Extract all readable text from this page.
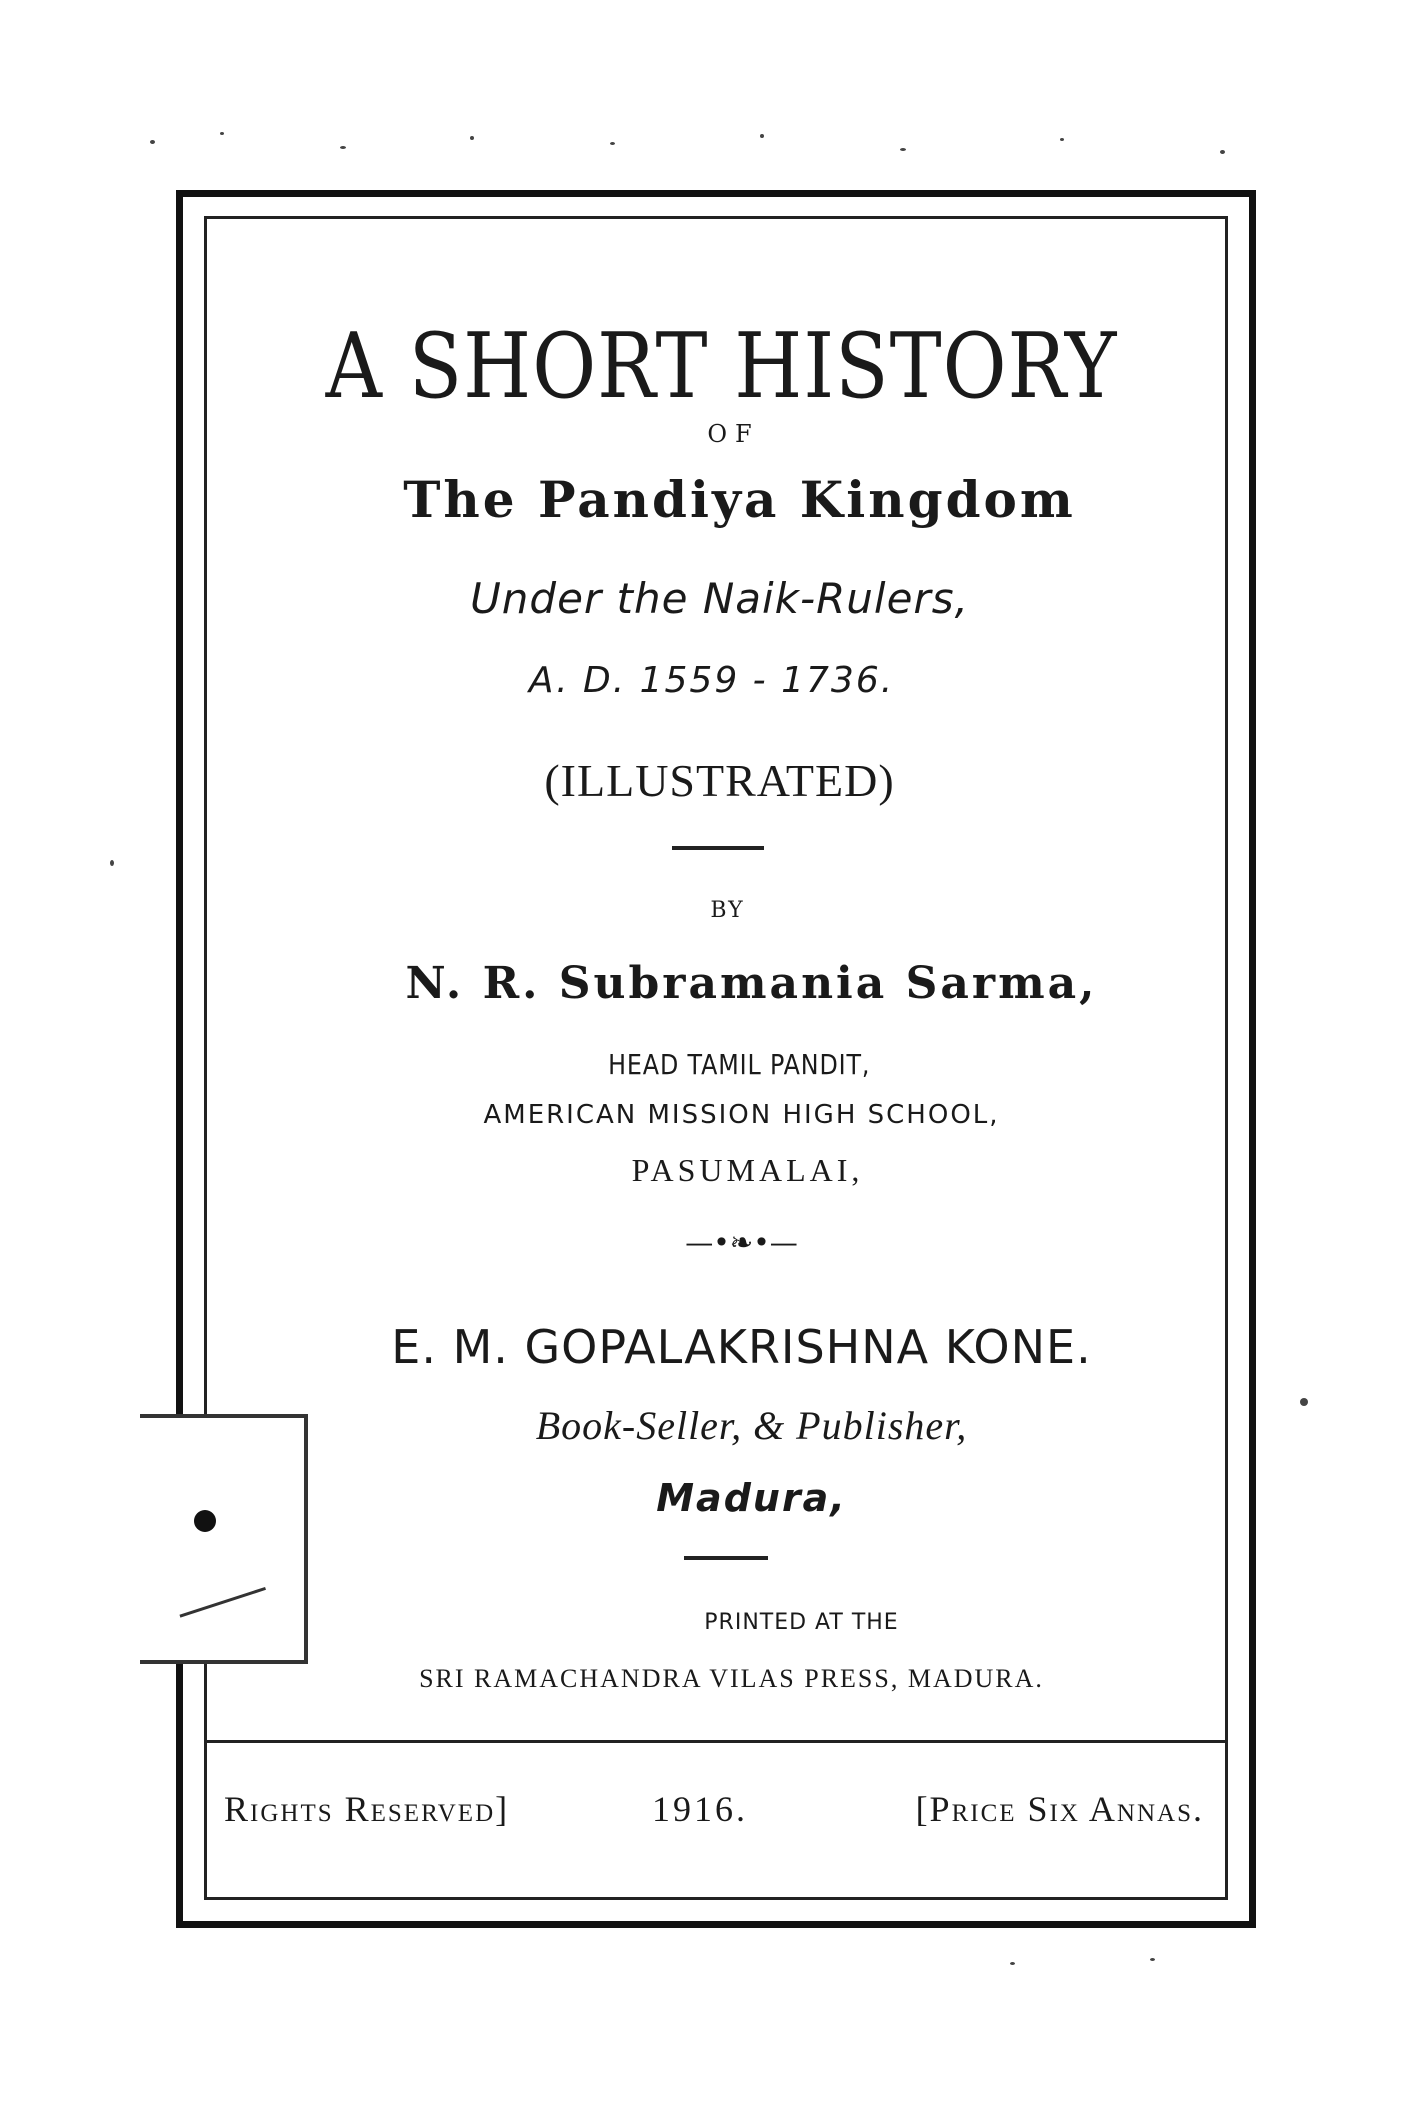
A SHORT HISTORY
OF
The Pandiya Kingdom
Under the Naik-Rulers,
A. D. 1559 - 1736.
(ILLUSTRATED)
BY
N. R. Subramania Sarma,
HEAD TAMIL PANDIT,
AMERICAN MISSION HIGH SCHOOL,
PASUMALAI,
—•❧•—
E. M. GOPALAKRISHNA KONE.
Book-Seller, & Publisher,
Madura,
PRINTED AT THE
SRI RAMACHANDRA VILAS PRESS, MADURA.
Rights Reserved]	1916.	[Price Six Annas.
